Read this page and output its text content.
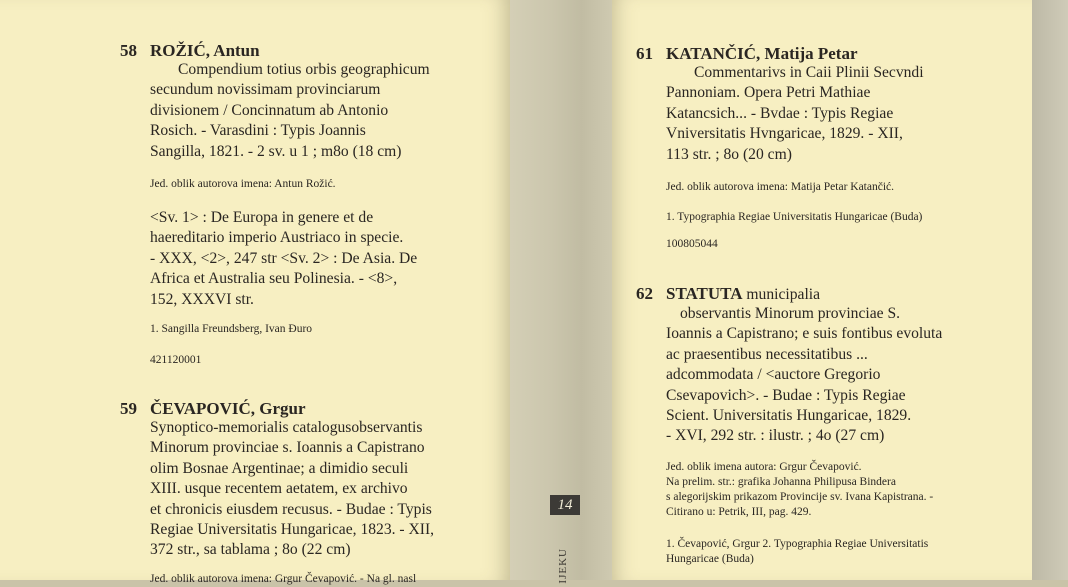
58 ROŽIĆ, Antun
Compendium totius orbis geographicum
secundum novissimam provinciarum
divisionem / Concinnatum ab Antonio
Rosich. - Varasdini : Typis Joannis
Sangilla, 1821. - 2 sv. u 1 ; m8o (18 cm)
Jed. oblik autorova imena: Antun Rožić.
<Sv. 1> : De Europa in genere et de
haereditario imperio Austriaco in specie.
- XXX, <2>, 247 str <Sv. 2> : De Asia. De
Africa et Australia seu Polinesia. - <8>,
152, XXXVI str.
1. Sangilla Freundsberg, Ivan Đuro
421120001
59 ČEVAPOVIĆ, Grgur
Synoptico-memorialis catalogusobservantis
Minorum provinciae s. Ioannis a Capistrano
olim Bosnae Argentinae; a dimidio seculi
XIII. usque recentem aetatem, ex archivo
et chronicis eiusdem recusus. - Budae : Typis
Regiae Universitatis Hungaricae, 1823. - XII,
372 str., sa tablama ; 8o (22 cm)
Jed. oblik autorova imena: Grgur Čevapović. - Na gl. nasl
14
IJEKU
61 KATANČIĆ, Matija Petar
Commentarivs in Caii Plinii Secvndi
Pannoniam. Opera Petri Mathiae
Katancsich... - Bvdae : Typis Regiae
Vniversitatis Hvngaricae, 1829. - XII,
113 str. ; 8o (20 cm)
Jed. oblik autorova imena: Matija Petar Katančić.
1. Typographia Regiae Universitatis Hungaricae (Buda)
100805044
62 STATUTA municipalia
observantis Minorum provinciae S.
Ioannis a Capistrano; e suis fontibus evoluta
ac praesentibus necessitatibus ...
adcommodata / <auctore Gregorio
Csevapovich>. - Budae : Typis Regiae
Scient. Universitatis Hungaricae, 1829.
- XVI, 292 str. : ilustr. ; 4o (27 cm)
Jed. oblik imena autora: Grgur Čevapović.
Na prelim. str.: grafika Johanna Philipusa Bindera
s alegorijskim prikazom Provincije sv. Ivana Kapistrana. -
Citirano u: Petrik, III, pag. 429.
1. Čevapović, Grgur 2. Typographia Regiae Universitatis
Hungaricae (Buda)
